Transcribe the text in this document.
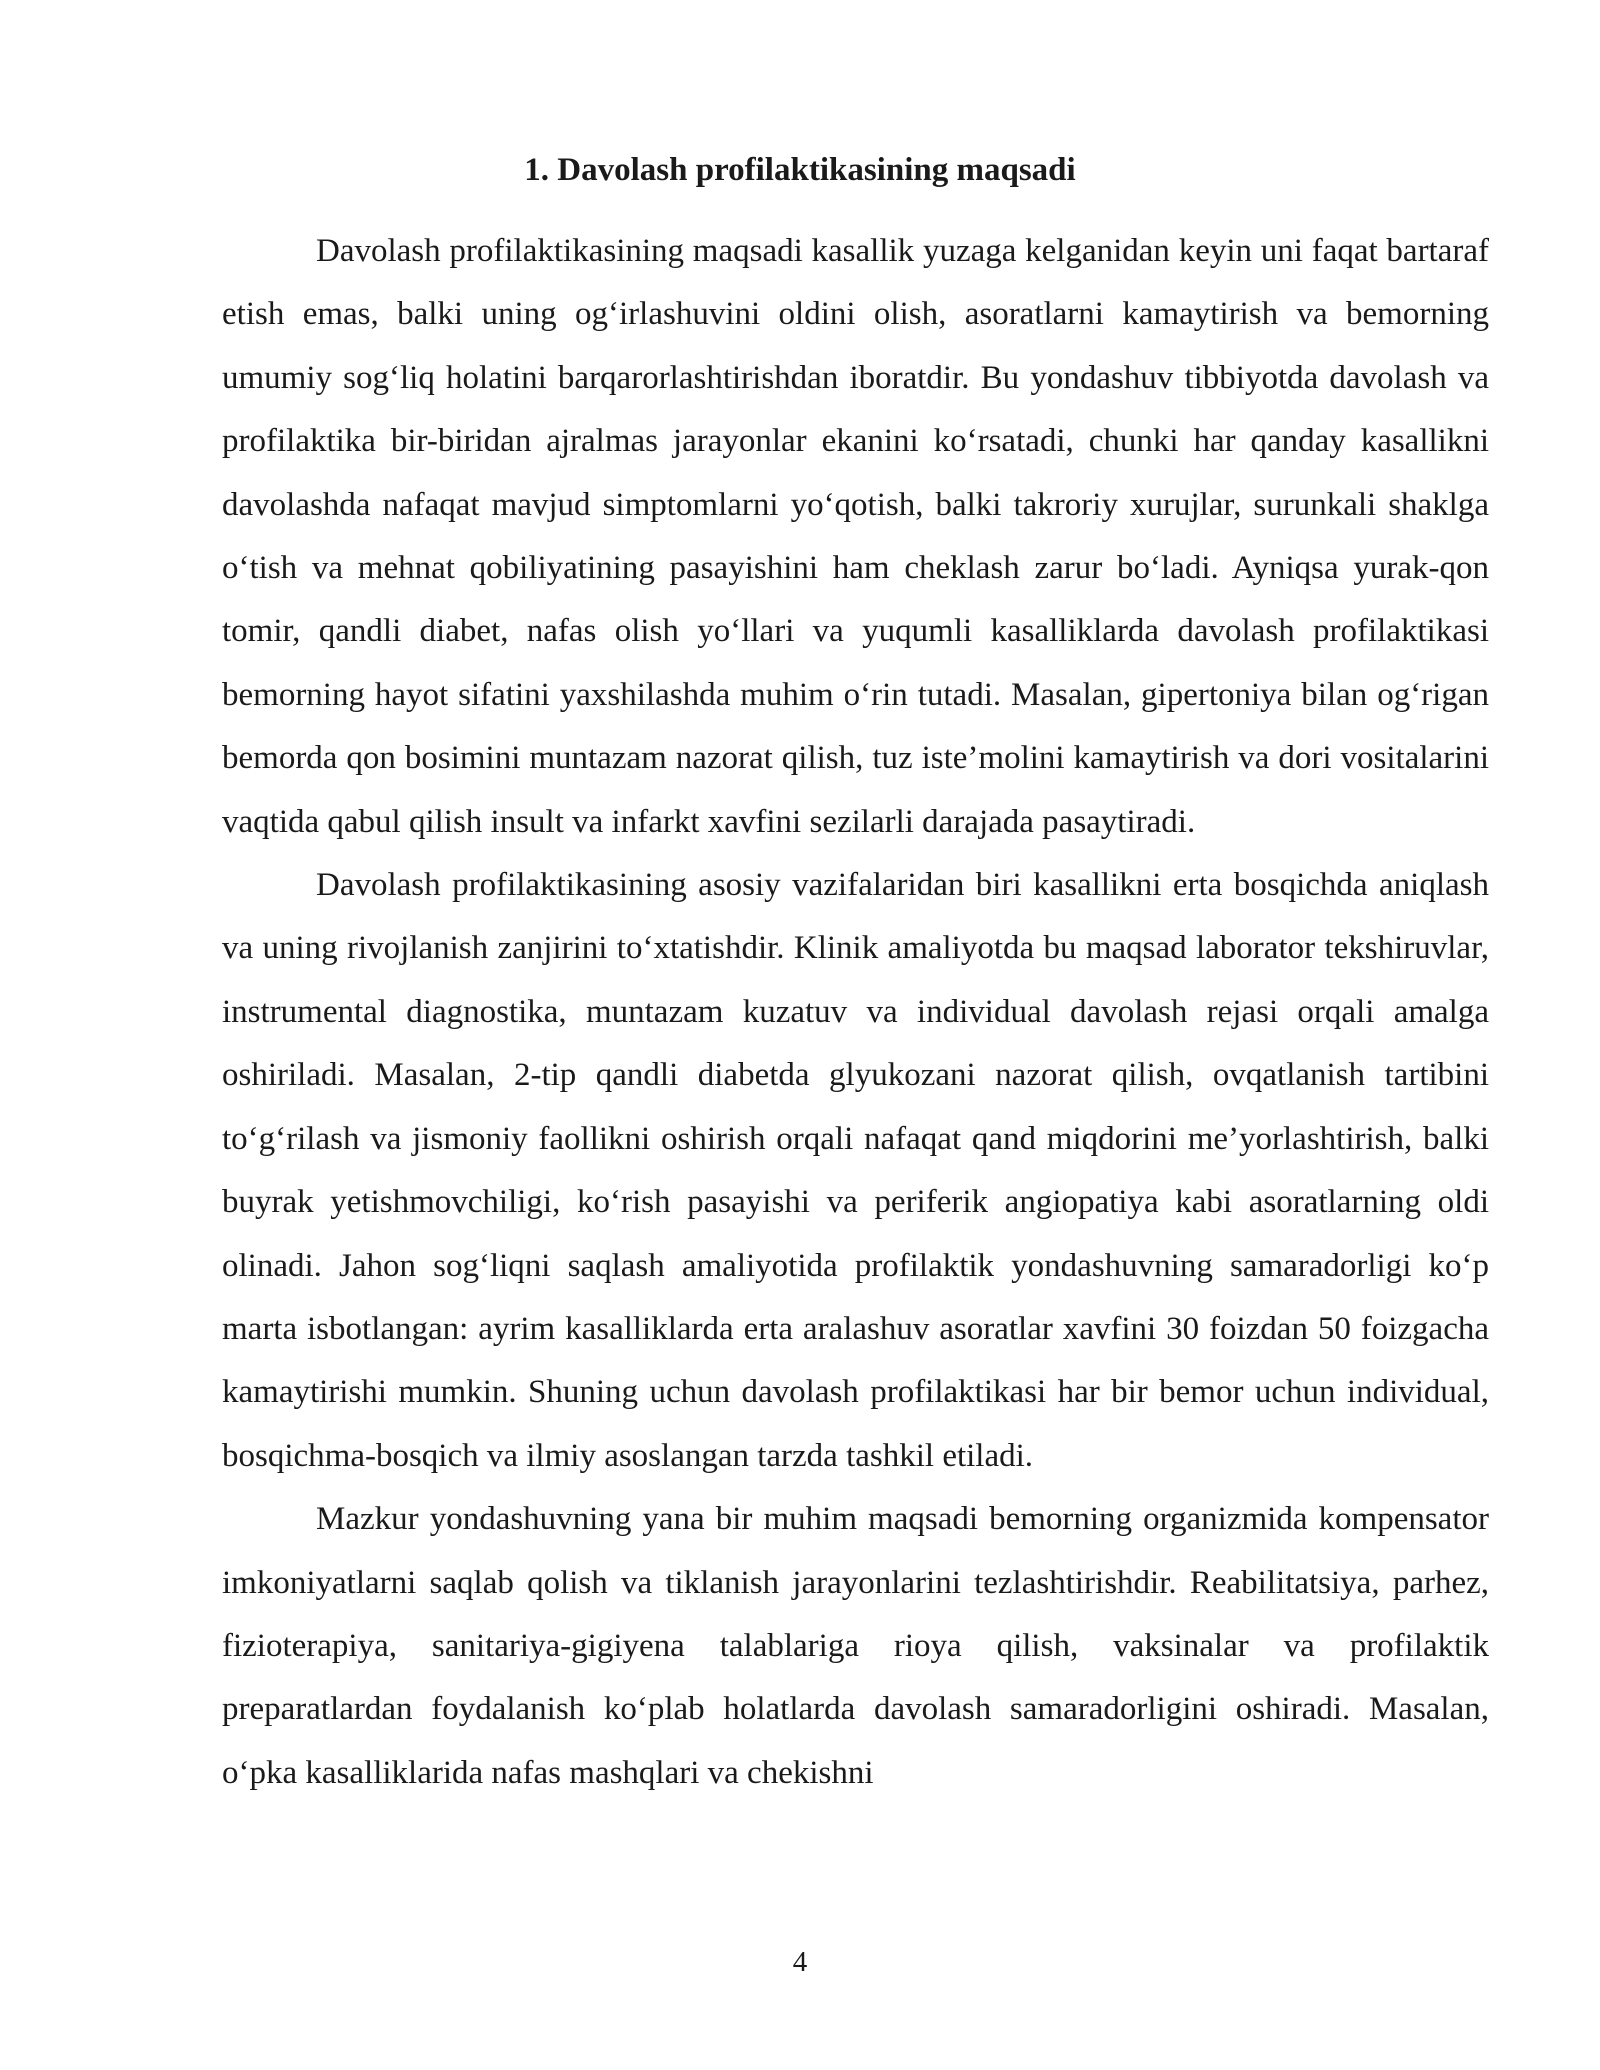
1. Davolash profilaktikasining maqsadi

Davolash profilaktikasining maqsadi kasallik yuzaga kelganidan keyin uni faqat bartaraf etish emas, balki uning og‘irlashuvini oldini olish, asoratlarni kamaytirish va bemorning umumiy sog‘liq holatini barqarorlashtirishdan iboratdir. Bu yondashuv tibbiyotda davolash va profilaktika bir-biridan ajralmas jarayonlar ekanini ko‘rsatadi, chunki har qanday kasallikni davolashda nafaqat mavjud simptomlarni yo‘qotish, balki takroriy xurujlar, surunkali shaklga o‘tish va mehnat qobiliyatining pasayishini ham cheklash zarur bo‘ladi. Ayniqsa yurak-qon tomir, qandli diabet, nafas olish yo‘llari va yuqumli kasalliklarda davolash profilaktikasi bemorning hayot sifatini yaxshilashda muhim o‘rin tutadi. Masalan, gipertoniya bilan og‘rigan bemorda qon bosimini muntazam nazorat qilish, tuz iste’molini kamaytirish va dori vositalarini vaqtida qabul qilish insult va infarkt xavfini sezilarli darajada pasaytiradi.

Davolash profilaktikasining asosiy vazifalaridan biri kasallikni erta bosqichda aniqlash va uning rivojlanish zanjirini to‘xtatishdir. Klinik amaliyotda bu maqsad laborator tekshiruvlar, instrumental diagnostika, muntazam kuzatuv va individual davolash rejasi orqali amalga oshiriladi. Masalan, 2-tip qandli diabetda glyukozani nazorat qilish, ovqatlanish tartibini to‘g‘rilash va jismoniy faollikni oshirish orqali nafaqat qand miqdorini me’yorlashtirish, balki buyrak yetishmovchiligi, ko‘rish pasayishi va periferik angiopatiya kabi asoratlarning oldi olinadi. Jahon sog‘liqni saqlash amaliyotida profilaktik yondashuvning samaradorligi ko‘p marta isbotlangan: ayrim kasalliklarda erta aralashuv asoratlar xavfini 30 foizdan 50 foizgacha kamaytirishi mumkin. Shuning uchun davolash profilaktikasi har bir bemor uchun individual, bosqichma-bosqich va ilmiy asoslangan tarzda tashkil etiladi.

Mazkur yondashuvning yana bir muhim maqsadi bemorning organizmida kompensator imkoniyatlarni saqlab qolish va tiklanish jarayonlarini tezlashtirishdir. Reabilitatsiya, parhez, fizioterapiya, sanitariya-gigiyena talablariga rioya qilish, vaksinalar va profilaktik preparatlardan foydalanish ko‘plab holatlarda davolash samaradorligini oshiradi. Masalan, o‘pka kasalliklarida nafas mashqlari va chekishni

4
